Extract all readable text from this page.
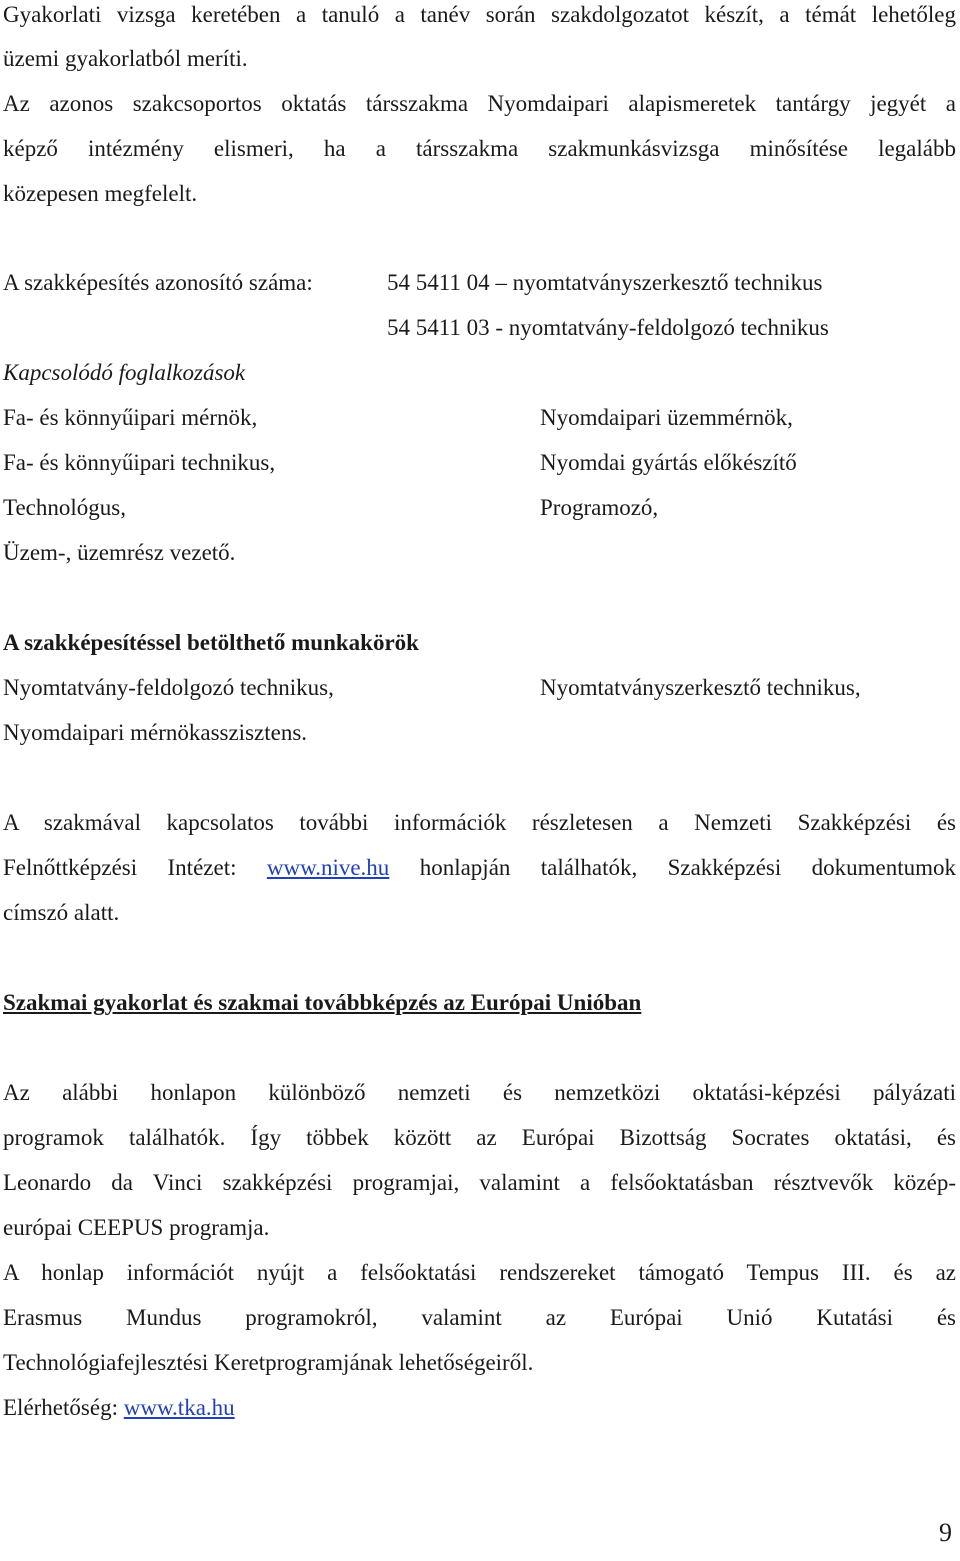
Gyakorlati vizsga keretében a tanuló a tanév során szakdolgozatot készít, a témát lehetőleg
üzemi gyakorlatból meríti.
Az azonos szakcsoportos oktatás társszakma Nyomdaipari alapismeretek tantárgy jegyét a
képző intézmény elismeri, ha a társszakma szakmunkásvizsga minősítése legalább
közepesen megfelelt.
A szakképesítés azonosító száma:	54 5411 04 – nyomtatványszerkesztő technikus
54 5411 03 - nyomtatvány-feldolgozó technikus
Kapcsolódó foglalkozások
Fa- és könnyűipari mérnök,
Fa- és könnyűipari technikus,
Technológus,
Üzem-, üzemrész vezető.
Nyomdaipari üzemmérnök,
Nyomdai gyártás előkészítő
Programozó,
A szakképesítéssel betölthető munkakörök
Nyomtatvány-feldolgozó technikus,
Nyomdaipari mérnökasszisztens.
Nyomtatványszerkesztő technikus,
A szakmával kapcsolatos további információk részletesen a Nemzeti Szakképzési és
Felnőttképzési Intézet: www.nive.hu honlapján találhatók, Szakképzési dokumentumok
címszó alatt.
Szakmai gyakorlat és szakmai továbbképzés az Európai Unióban
Az alábbi honlapon különböző nemzeti és nemzetközi oktatási-képzési pályázati
programok találhatók. Így többek között az Európai Bizottság Socrates oktatási, és
Leonardo da Vinci szakképzési programjai, valamint a felsőoktatásban résztvevők közép-
európai CEEPUS programja.
A honlap információt nyújt a felsőoktatási rendszereket támogató Tempus III. és az
Erasmus Mundus programokról, valamint az Európai Unió Kutatási és
Technológiafejlesztési Keretprogramjának lehetőségeiről.
Elérhetőség: www.tka.hu
9
